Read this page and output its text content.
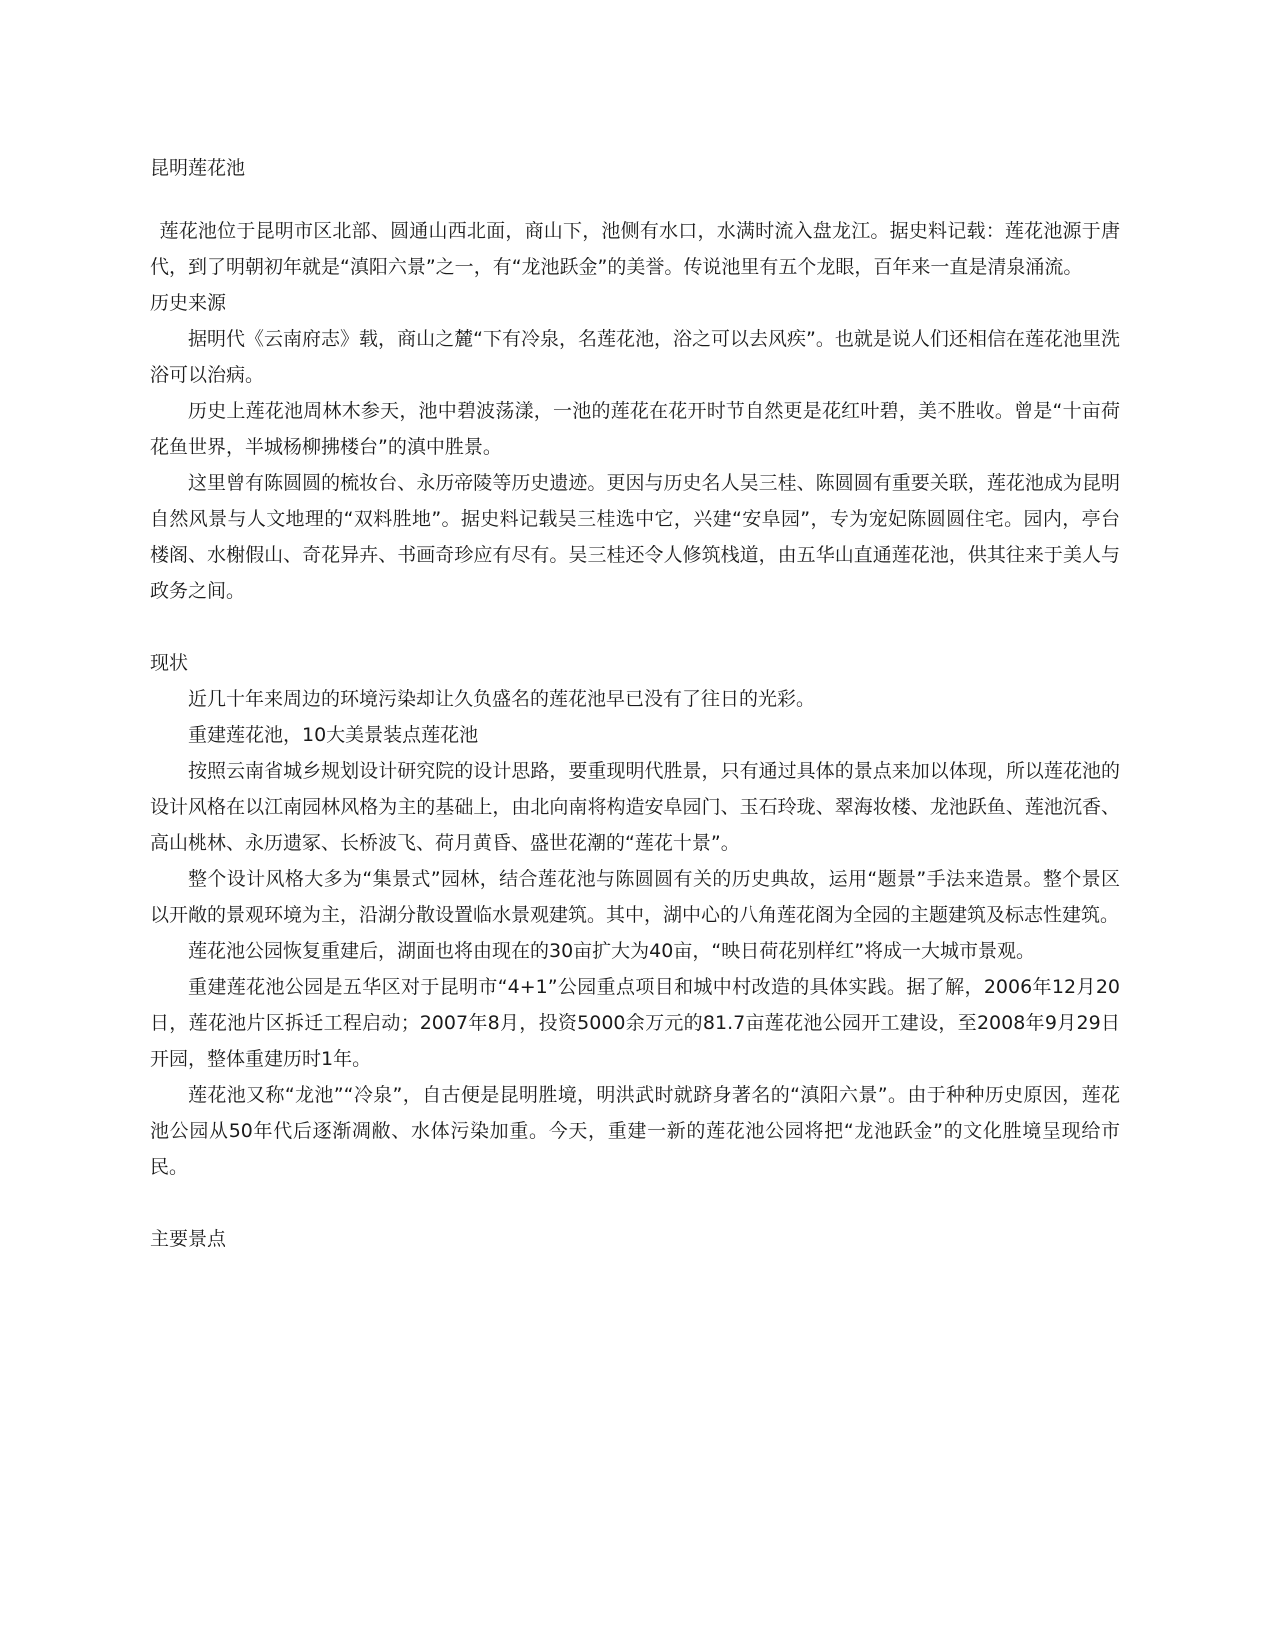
昆明莲花池

莲花池位于昆明市区北部、圆通山西北面，商山下，池侧有水口，水满时流入盘龙江。据史料记载：莲花池源于唐代，到了明朝初年就是“滇阳六景”之一，有“龙池跃金”的美誉。传说池里有五个龙眼，百年来一直是清泉涌流。

历史来源

据明代《云南府志》载，商山之麓“下有冷泉，名莲花池，浴之可以去风疾”。也就是说人们还相信在莲花池里洗浴可以治病。

历史上莲花池周林木参天，池中碧波荡漾，一池的莲花在花开时节自然更是花红叶碧，美不胜收。曾是“十亩荷花鱼世界，半城杨柳拂楼台”的滇中胜景。

这里曾有陈圆圆的梳妆台、永历帝陵等历史遗迹。更因与历史名人吴三桂、陈圆圆有重要关联，莲花池成为昆明自然风景与人文地理的“双料胜地”。据史料记载吴三桂选中它，兴建“安阜园”，专为宠妃陈圆圆住宅。园内，亭台楼阁、水榭假山、奇花异卉、书画奇珍应有尽有。吴三桂还令人修筑栈道，由五华山直通莲花池，供其往来于美人与政务之间。

现状

近几十年来周边的环境污染却让久负盛名的莲花池早已没有了往日的光彩。

重建莲花池，10大美景装点莲花池

按照云南省城乡规划设计研究院的设计思路，要重现明代胜景，只有通过具体的景点来加以体现，所以莲花池的设计风格在以江南园林风格为主的基础上，由北向南将构造安阜园门、玉石玲珑、翠海妆楼、龙池跃鱼、莲池沉香、高山桃林、永历遗冢、长桥波飞、荷月黄昏、盛世花潮的“莲花十景”。

整个设计风格大多为“集景式”园林，结合莲花池与陈圆圆有关的历史典故，运用“题景”手法来造景。整个景区以开敞的景观环境为主，沿湖分散设置临水景观建筑。其中，湖中心的八角莲花阁为全园的主题建筑及标志性建筑。

莲花池公园恢复重建后，湖面也将由现在的30亩扩大为40亩，“映日荷花别样红”将成一大城市景观。

重建莲花池公园是五华区对于昆明市“4+1”公园重点项目和城中村改造的具体实践。据了解，2006年12月20日，莲花池片区拆迁工程启动；2007年8月，投资5000余万元的81.7亩莲花池公园开工建设，至2008年9月29日开园，整体重建历时1年。

莲花池又称“龙池”“冷泉”，自古便是昆明胜境，明洪武时就跻身著名的“滇阳六景”。由于种种历史原因，莲花池公园从50年代后逐渐凋敝、水体污染加重。今天，重建一新的莲花池公园将把“龙池跃金”的文化胜境呈现给市民。

主要景点
